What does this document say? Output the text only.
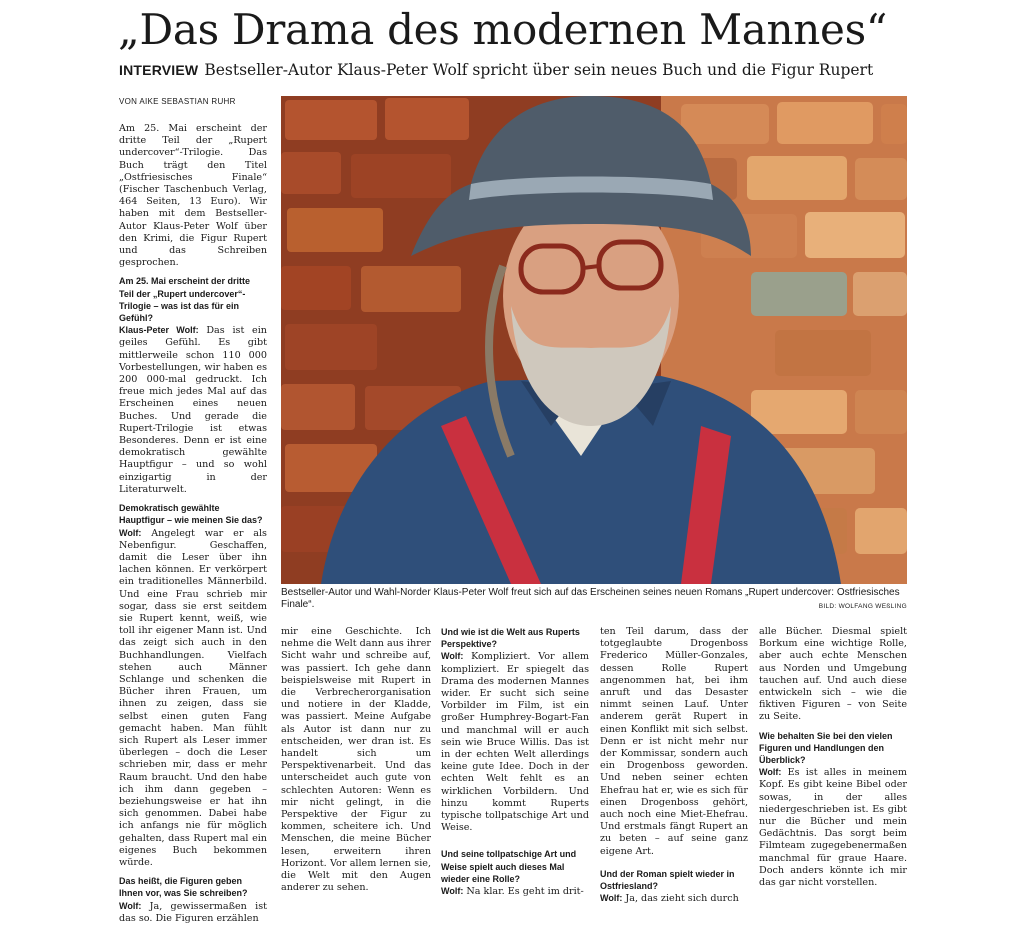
„Das Drama des modernen Mannes“
INTERVIEW Bestseller-Autor Klaus-Peter Wolf spricht über sein neues Buch und die Figur Rupert
VON AIKE SEBASTIAN RUHR

Am 25. Mai erscheint der dritte Teil der „Rupert undercover“-Trilogie. Das Buch trägt den Titel „Ostfriesisches Finale“ (Fischer Taschenbuch Verlag, 464 Seiten, 13 Euro). Wir haben mit dem Bestseller-Autor Klaus-Peter Wolf über den Krimi, die Figur Rupert und das Schreiben gesprochen.

Am 25. Mai erscheint der dritte Teil der „Rupert undercover“-Trilogie – was ist das für ein Gefühl?

Klaus-Peter Wolf: Das ist ein geiles Gefühl. Es gibt mittlerweile schon 110 000 Vorbestellungen, wir haben es 200 000-mal gedruckt. Ich freue mich jedes Mal auf das Erscheinen eines neuen Buches. Und gerade die Rupert-Trilogie ist etwas Besonderes. Denn er ist eine demokratisch gewählte Hauptfigur – und so wohl einzigartig in der Literaturwelt.

Demokratisch gewählte Hauptfigur – wie meinen Sie das?

Wolf: Angelegt war er als Nebenfigur. Geschaffen, damit die Leser über ihn lachen können. Er verkörpert ein traditionelles Männerbild. Und eine Frau schrieb mir sogar, dass sie erst seitdem sie Rupert kennt, weiß, wie toll ihr eigener Mann ist. Und das zeigt sich auch in den Buchhandlungen. Vielfach stehen auch Männer Schlange und schenken die Bücher ihren Frauen, um ihnen zu zeigen, dass sie selbst einen guten Fang gemacht haben. Man fühlt sich Rupert als Leser immer überlegen – doch die Leser schrieben mir, dass er mehr Raum braucht. Und den habe ich ihm dann gegeben – beziehungsweise er hat ihn sich genommen. Dabei habe ich anfangs nie für möglich gehalten, dass Rupert mal ein eigenes Buch bekommen würde.

Das heißt, die Figuren geben Ihnen vor, was Sie schreiben?

Wolf: Ja, gewissermaßen ist das so. Die Figuren erzählen

Bestseller-Autor und Wahl-Norder Klaus-Peter Wolf freut sich auf das Erscheinen seines neuen Romans „Rupert undercover: Ostfriesisches Finale“.	BILD: WOLFANG WEßLING

mir eine Geschichte. Ich nehme die Welt dann aus ihrer Sicht wahr und schreibe auf, was passiert. Ich gehe dann beispielsweise mit Rupert in die Verbrecherorganisation und notiere in der Kladde, was passiert. Meine Aufgabe als Autor ist dann nur zu entscheiden, wer dran ist. Es handelt sich um Perspektivenarbeit. Und das unterscheidet auch gute von schlechten Autoren: Wenn es mir nicht gelingt, in die Perspektive der Figur zu kommen, scheitere ich. Und Menschen, die meine Bücher lesen, erweitern ihren Horizont. Vor allem lernen sie, die Welt mit den Augen anderer zu sehen.

Und wie ist die Welt aus Ruperts Perspektive?

Wolf: Kompliziert. Vor allem kompliziert. Er spiegelt das Drama des modernen Mannes wider. Er sucht sich seine Vorbilder im Film, ist ein großer Humphrey-Bogart-Fan und manchmal will er auch sein wie Bruce Willis. Das ist in der echten Welt allerdings keine gute Idee. Doch in der echten Welt fehlt es an wirklichen Vorbildern. Und hinzu kommt Ruperts typische tollpatschige Art und Weise.

Und seine tollpatschige Art und Weise spielt auch dieses Mal wieder eine Rolle?

Wolf: Na klar. Es geht im drit-

ten Teil darum, dass der totgeglaubte Drogenboss Frederico Müller-Gonzales, dessen Rolle Rupert angenommen hat, bei ihm anruft und das Desaster nimmt seinen Lauf. Unter anderem gerät Rupert in einen Konflikt mit sich selbst. Denn er ist nicht mehr nur der Kommissar, sondern auch ein Drogenboss geworden. Und neben seiner echten Ehefrau hat er, wie es sich für einen Drogenboss gehört, auch noch eine Miet-Ehefrau. Und erstmals fängt Rupert an zu beten – auf seine ganz eigene Art.

Und der Roman spielt wieder in Ostfriesland?

Wolf: Ja, das zieht sich durch

alle Bücher. Diesmal spielt Borkum eine wichtige Rolle, aber auch echte Menschen aus Norden und Umgebung tauchen auf. Und auch diese entwickeln sich – wie die fiktiven Figuren – von Seite zu Seite.

Wie behalten Sie bei den vielen Figuren und Handlungen den Überblick?

Wolf: Es ist alles in meinem Kopf. Es gibt keine Bibel oder sowas, in der alles niedergeschrieben ist. Es gibt nur die Bücher und mein Gedächtnis. Das sorgt beim Filmteam zugegebenermaßen manchmal für graue Haare. Doch anders könnte ich mir das gar nicht vorstellen.
